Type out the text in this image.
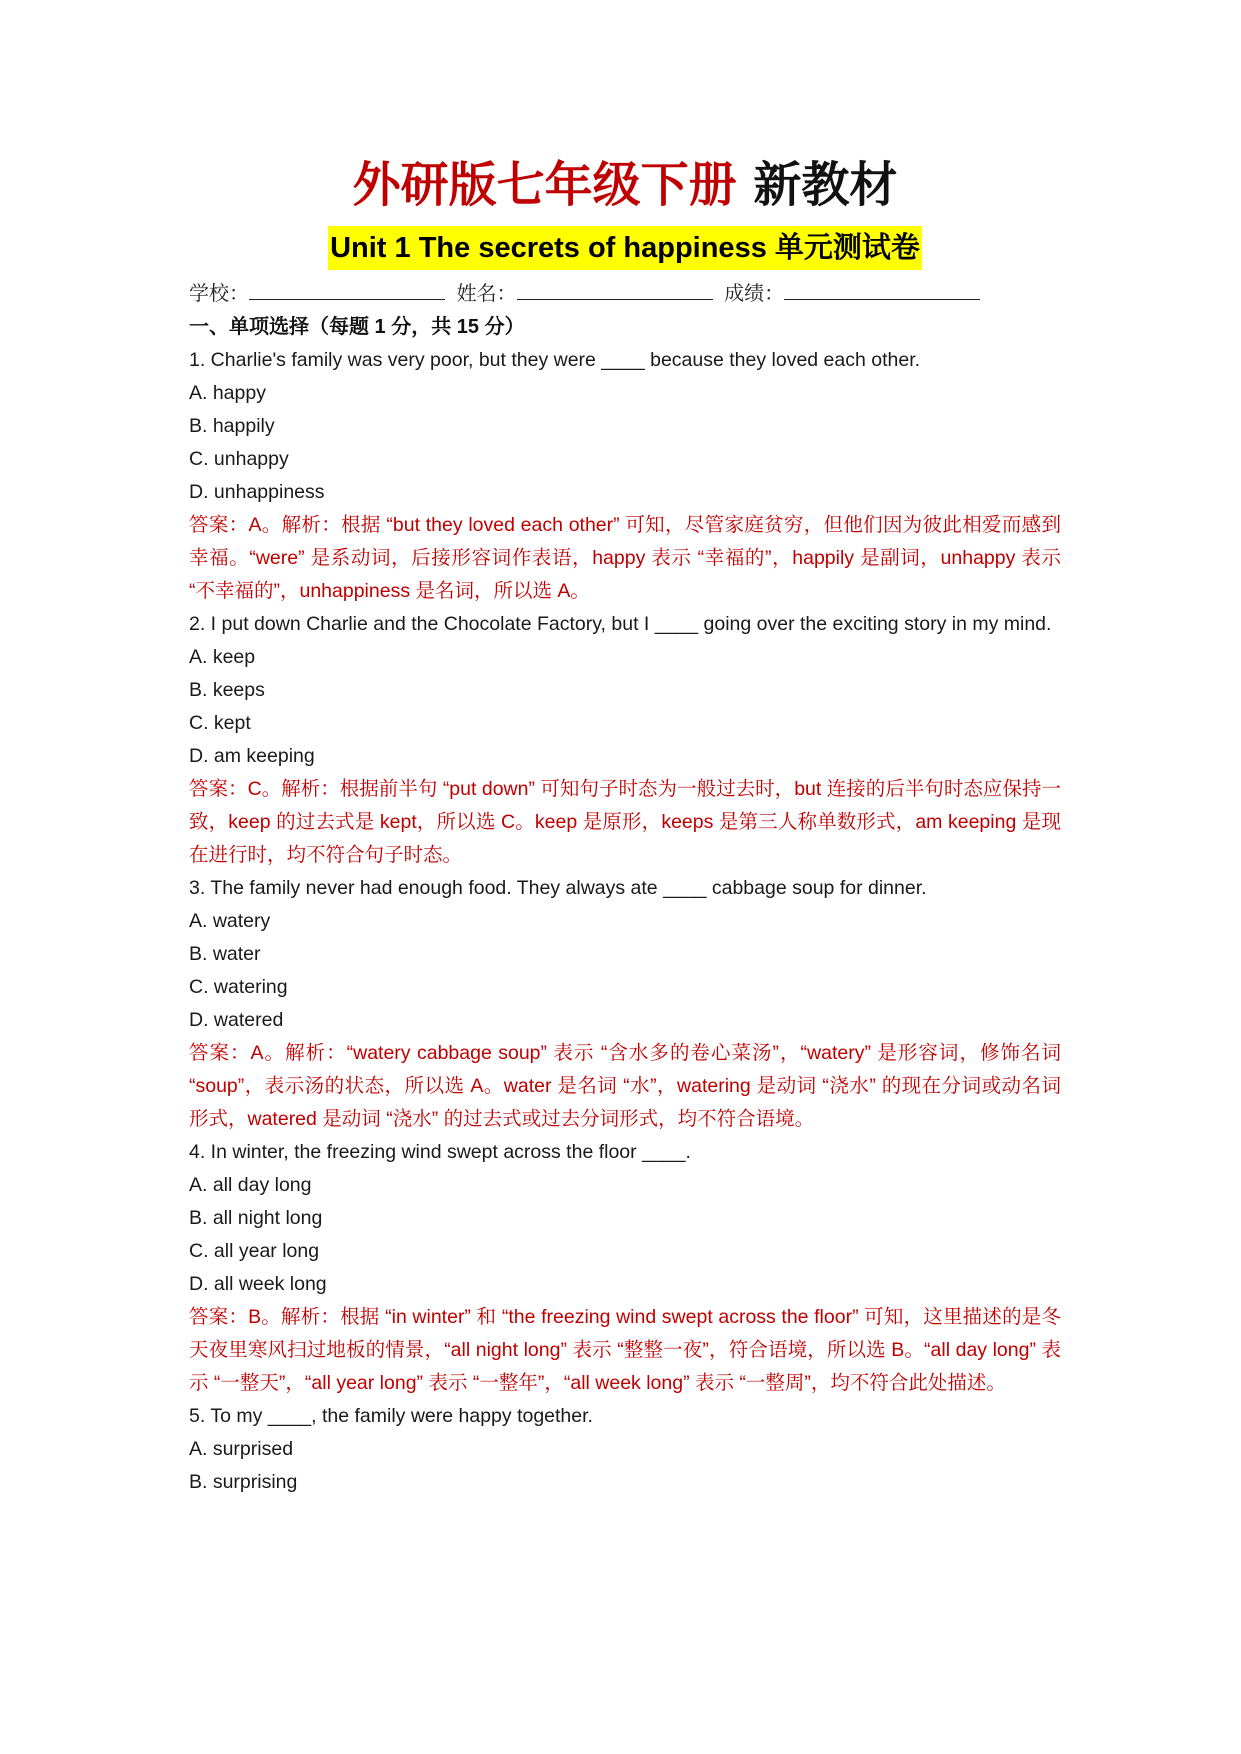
外研版七年级下册 新教材
Unit 1 The secrets of happiness 单元测试卷
学校：	姓名：	成绩：
一、单项选择（每题 1 分，共 15 分）
1. Charlie's family was very poor, but they were ____ because they loved each other.
A. happy
B. happily
C. unhappy
D. unhappiness
答案：A。解析：根据 “but they loved each other” 可知，尽管家庭贫穷，但他们因为彼此相爱而感到幸福。“were” 是系动词，后接形容词作表语，happy 表示 “幸福的”，happily 是副词，unhappy 表示 “不幸福的”，unhappiness 是名词，所以选 A。
2. I put down Charlie and the Chocolate Factory, but I ____ going over the exciting story in my mind.
A. keep
B. keeps
C. kept
D. am keeping
答案：C。解析：根据前半句 “put down” 可知句子时态为一般过去时，but 连接的后半句时态应保持一致，keep 的过去式是 kept，所以选 C。keep 是原形，keeps 是第三人称单数形式，am keeping 是现在进行时，均不符合句子时态。
3. The family never had enough food. They always ate ____ cabbage soup for dinner.
A. watery
B. water
C. watering
D. watered
答案：A。解析：“watery cabbage soup” 表示 “含水多的卷心菜汤”，“watery” 是形容词，修饰名词 “soup”，表示汤的状态，所以选 A。water 是名词 “水”，watering 是动词 “浇水” 的现在分词或动名词形式，watered 是动词 “浇水” 的过去式或过去分词形式，均不符合语境。
4. In winter, the freezing wind swept across the floor ____.
A. all day long
B. all night long
C. all year long
D. all week long
答案：B。解析：根据 “in winter” 和 “the freezing wind swept across the floor” 可知，这里描述的是冬天夜里寒风扫过地板的情景，“all night long” 表示 “整整一夜”，符合语境，所以选 B。“all day long” 表示 “一整天”，“all year long” 表示 “一整年”，“all week long” 表示 “一整周”，均不符合此处描述。
5. To my ____, the family were happy together.
A. surprised
B. surprising
